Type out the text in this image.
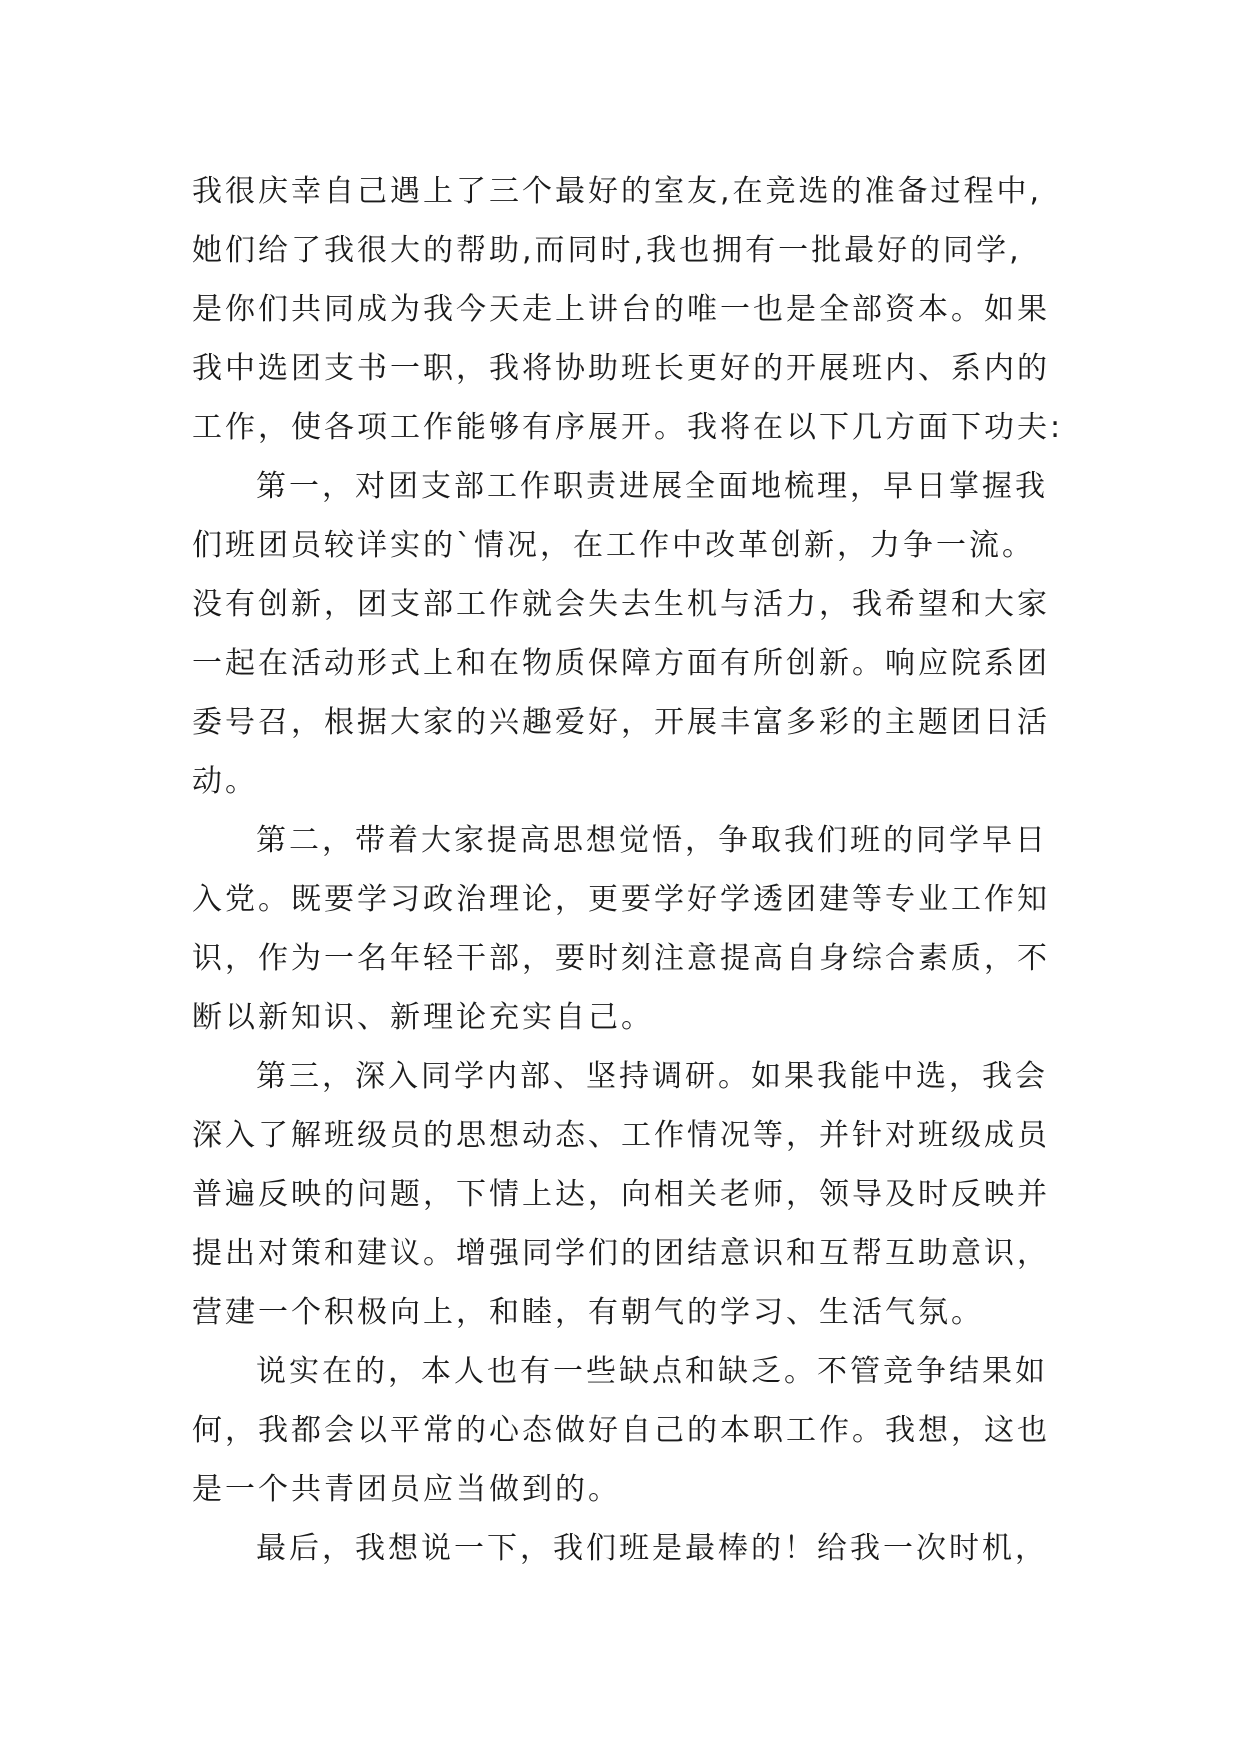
我很庆幸自己遇上了三个最好的室友,在竞选的准备过程中,
她们给了我很大的帮助,而同时,我也拥有一批最好的同学,
是你们共同成为我今天走上讲台的唯一也是全部资本。如果
我中选团支书一职，我将协助班长更好的开展班内、系内的
工作，使各项工作能够有序展开。我将在以下几方面下功夫:
第一，对团支部工作职责进展全面地梳理，早日掌握我
们班团员较详实的`情况，在工作中改革创新，力争一流。
没有创新，团支部工作就会失去生机与活力，我希望和大家
一起在活动形式上和在物质保障方面有所创新。响应院系团
委号召，根据大家的兴趣爱好，开展丰富多彩的主题团日活
动。
第二，带着大家提高思想觉悟，争取我们班的同学早日
入党。既要学习政治理论，更要学好学透团建等专业工作知
识，作为一名年轻干部，要时刻注意提高自身综合素质，不
断以新知识、新理论充实自己。
第三，深入同学内部、坚持调研。如果我能中选，我会
深入了解班级员的思想动态、工作情况等，并针对班级成员
普遍反映的问题，下情上达，向相关老师，领导及时反映并
提出对策和建议。增强同学们的团结意识和互帮互助意识，
营建一个积极向上，和睦，有朝气的学习、生活气氛。
说实在的，本人也有一些缺点和缺乏。不管竞争结果如
何，我都会以平常的心态做好自己的本职工作。我想，这也
是一个共青团员应当做到的。
最后，我想说一下，我们班是最棒的！给我一次时机，
